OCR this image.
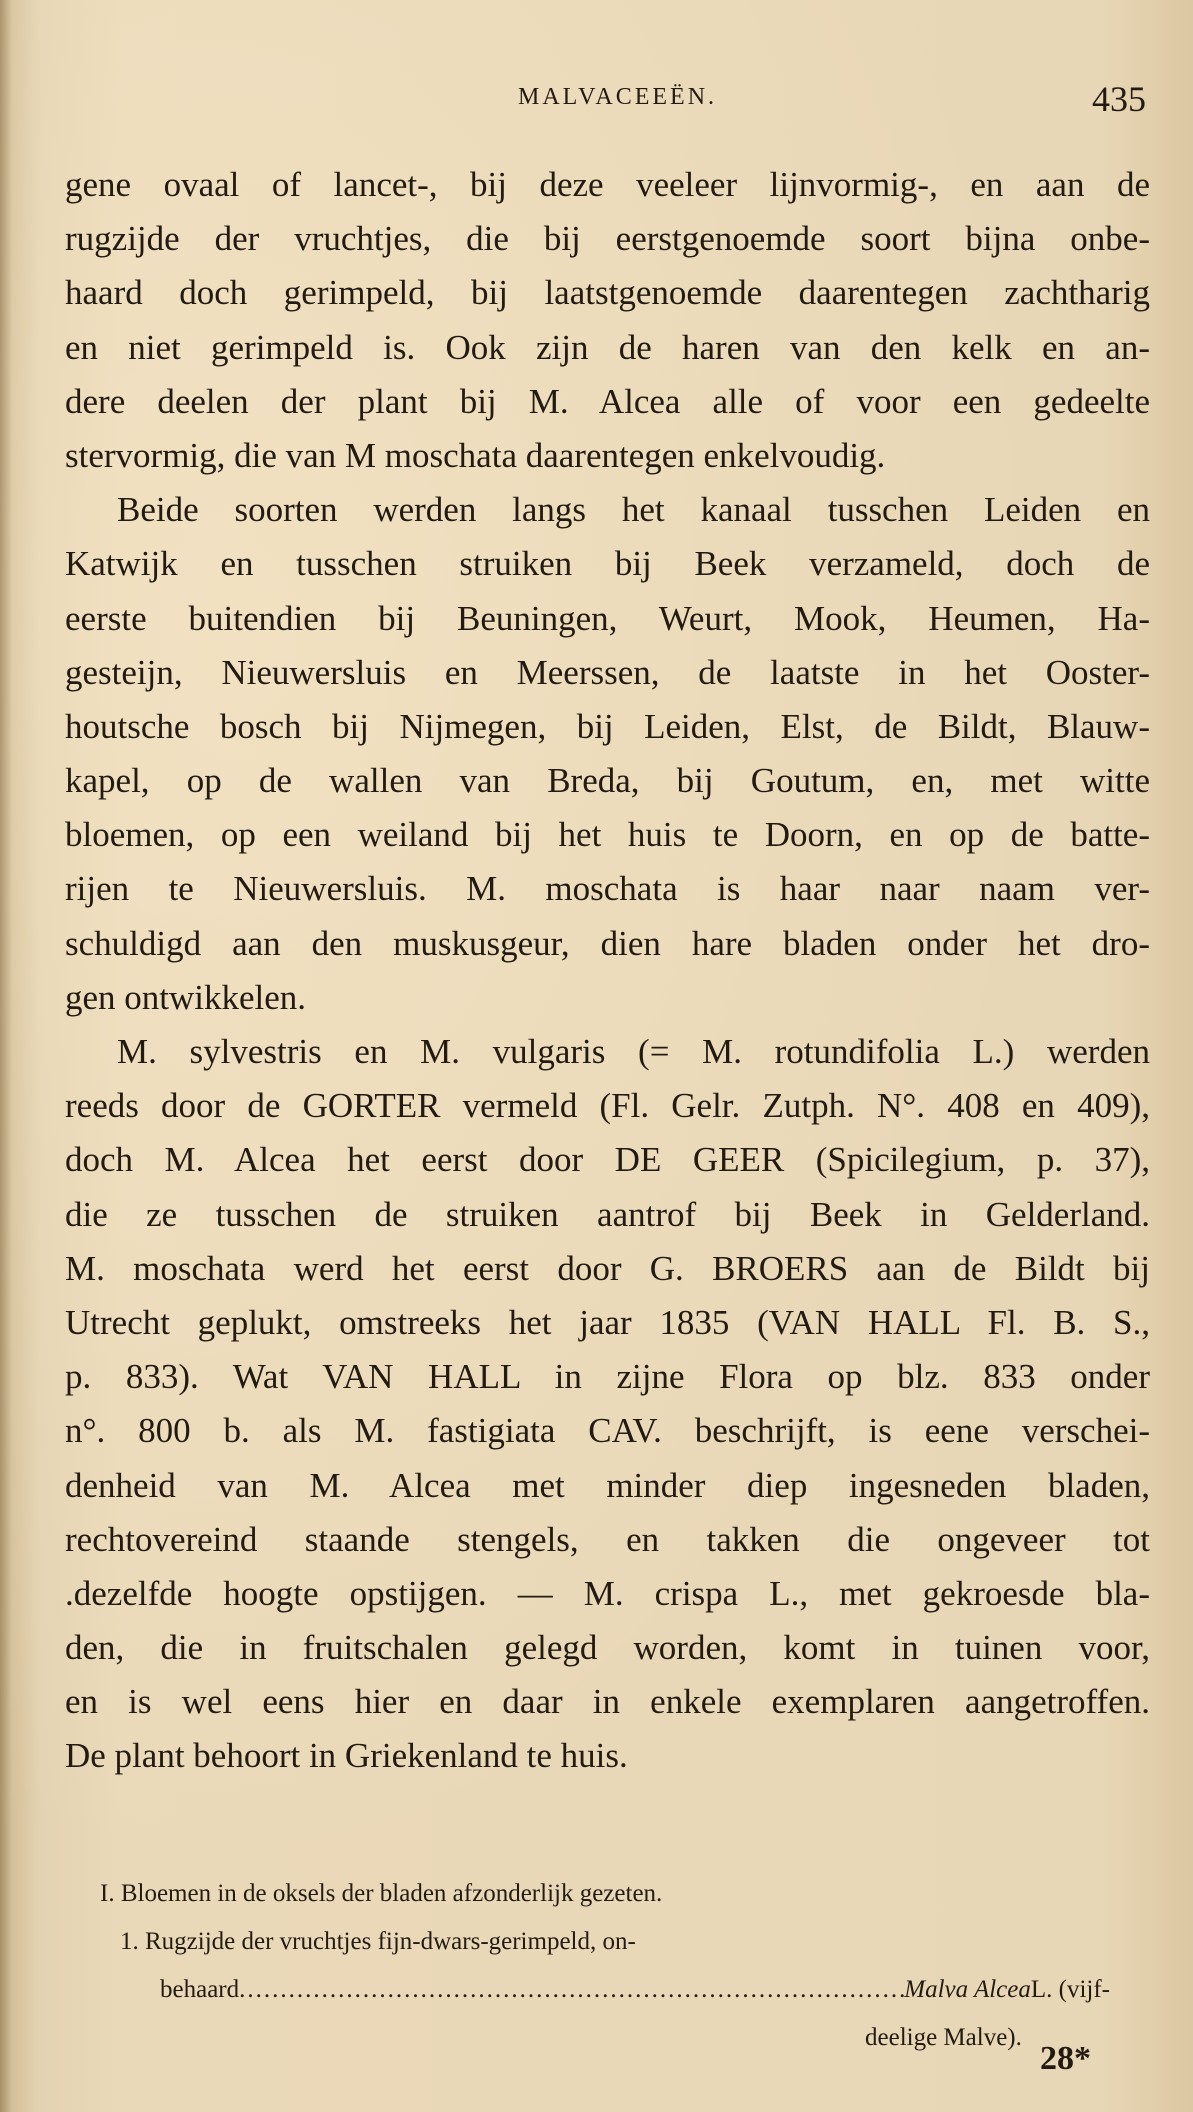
MALVACEEËN.	435
gene ovaal of lancet-, bij deze veeleer lijnvormig-, en aan de
rugzijde der vruchtjes, die bij eerstgenoemde soort bijna onbe-
haard doch gerimpeld, bij laatstgenoemde daarentegen zachtharig
en niet gerimpeld is. Ook zijn de haren van den kelk en an-
dere deelen der plant bij M. Alcea alle of voor een gedeelte
stervormig, die van M moschata daarentegen enkelvoudig.
Beide soorten werden langs het kanaal tusschen Leiden en
Katwijk en tusschen struiken bij Beek verzameld, doch de
eerste buitendien bij Beuningen, Weurt, Mook, Heumen, Ha-
gesteijn, Nieuwersluis en Meerssen, de laatste in het Ooster-
houtsche bosch bij Nijmegen, bij Leiden, Elst, de Bildt, Blauw-
kapel, op de wallen van Breda, bij Goutum, en, met witte
bloemen, op een weiland bij het huis te Doorn, en op de batte-
rijen te Nieuwersluis. M. moschata is haar naar naam ver-
schuldigd aan den muskusgeur, dien hare bladen onder het dro-
gen ontwikkelen.
M. sylvestris en M. vulgaris (= M. rotundifolia L.) werden
reeds door de GORTER vermeld (Fl. Gelr. Zutph. N°. 408 en 409),
doch M. Alcea het eerst door DE GEER (Spicilegium, p. 37),
die ze tusschen de struiken aantrof bij Beek in Gelderland.
M. moschata werd het eerst door G. BROERS aan de Bildt bij
Utrecht geplukt, omstreeks het jaar 1835 (VAN HALL Fl. B. S.,
p. 833). Wat VAN HALL in zijne Flora op blz. 833 onder
n°. 800 b. als M. fastigiata CAV. beschrijft, is eene verschei-
denheid van M. Alcea met minder diep ingesneden bladen,
rechtovereind staande stengels, en takken die ongeveer tot
.dezelfde hoogte opstijgen. — M. crispa L., met gekroesde bla-
den, die in fruitschalen gelegd worden, komt in tuinen voor,
en is wel eens hier en daar in enkele exemplaren aangetroffen.
De plant behoort in Griekenland te huis.
I. Bloemen in de oksels der bladen afzonderlijk gezeten.
1. Rugzijde der vruchtjes fijn-dwars-gerimpeld, on-
behaard
.....	Malva Alcea L. (vijf-
deelige Malve).
28*
